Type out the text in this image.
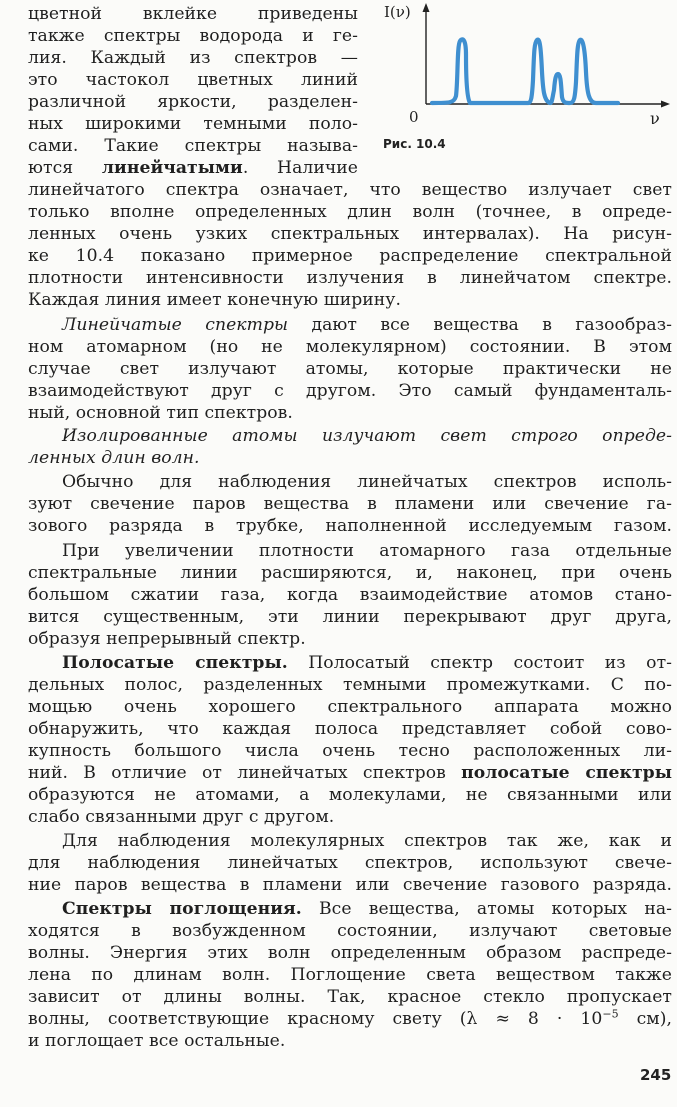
I(ν)
0	ν
Рис. 10.4
цветной вклейке приведены
также спектры водорода и ге-
лия. Каждый из спектров —
это частокол цветных линий
различной яркости, разделен-
ных широкими темными поло-
сами. Такие спектры называ-
ются линейчатыми. Наличие
линейчатого спектра означает, что вещество излучает свет
только вполне определенных длин волн (точнее, в опреде-
ленных очень узких спектральных интервалах). На рисун-
ке 10.4 показано примерное распределение спектральной
плотности интенсивности излучения в линейчатом спектре.
Каждая линия имеет конечную ширину.
Линейчатые спектры дают все вещества в газообраз-
ном атомарном (но не молекулярном) состоянии. В этом
случае свет излучают атомы, которые практически не
взаимодействуют друг с другом. Это самый фундаменталь-
ный, основной тип спектров.
Изолированные атомы излучают свет строго опреде-
ленных длин волн.
Обычно для наблюдения линейчатых спектров исполь-
зуют свечение паров вещества в пламени или свечение га-
зового разряда в трубке, наполненной исследуемым газом.
При увеличении плотности атомарного газа отдельные
спектральные линии расширяются, и, наконец, при очень
большом сжатии газа, когда взаимодействие атомов стано-
вится существенным, эти линии перекрывают друг друга,
образуя непрерывный спектр.
Полосатые спектры. Полосатый спектр состоит из от-
дельных полос, разделенных темными промежутками. С по-
мощью очень хорошего спектрального аппарата можно
обнаружить, что каждая полоса представляет собой сово-
купность большого числа очень тесно расположенных ли-
ний. В отличие от линейчатых спектров полосатые спектры
образуются не атомами, а молекулами, не связанными или
слабо связанными друг с другом.
Для наблюдения молекулярных спектров так же, как и
для наблюдения линейчатых спектров, используют свече-
ние паров вещества в пламени или свечение газового разряда.
Спектры поглощения. Все вещества, атомы которых на-
ходятся в возбужденном состоянии, излучают световые
волны. Энергия этих волн определенным образом распреде-
лена по длинам волн. Поглощение света веществом также
зависит от длины волны. Так, красное стекло пропускает
волны, соответствующие красному свету ($\lambda \approx 8 \cdot 10^{-5}$ см),
и поглощает все остальные.
245
